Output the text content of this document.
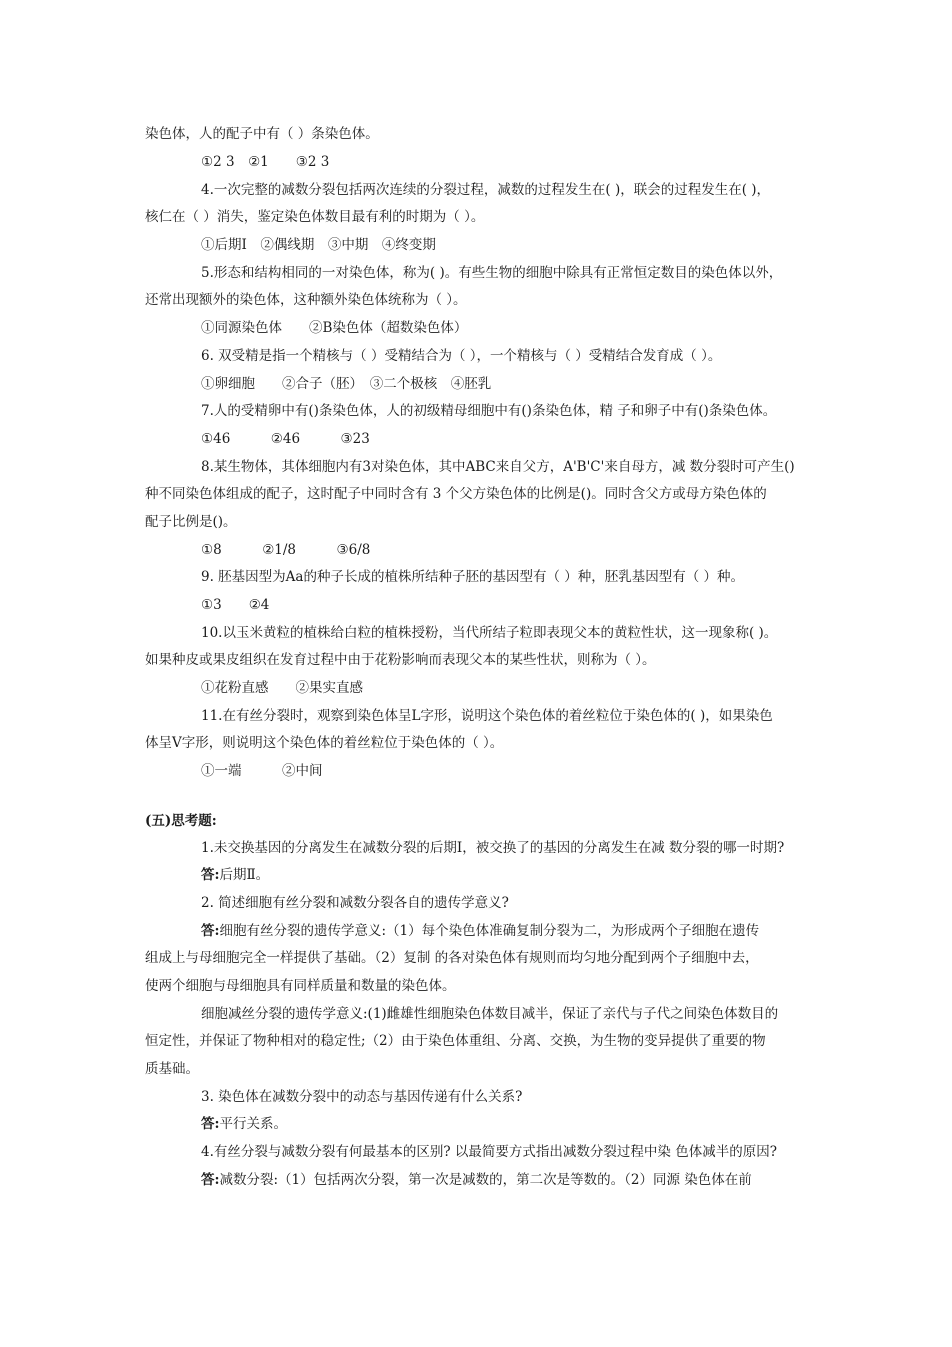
染色体，人的配子中有（ ）条染色体。
①2 3　②1　　③2 3
4.一次完整的减数分裂包括两次连续的分裂过程，减数的过程发生在( )，联会的过程发生在( )，
核仁在（ ）消失，鉴定染色体数目最有利的时期为（ ）。
①后期Ⅰ　②偶线期　③中期　④终变期
5.形态和结构相同的一对染色体，称为( )。有些生物的细胞中除具有正常恒定数目的染色体以外，
还常出现额外的染色体，这种额外染色体统称为（ ）。
①同源染色体　　②B染色体（超数染色体）
6. 双受精是指一个精核与（ ）受精结合为（ ），一个精核与（ ）受精结合发育成（ ）。
①卵细胞　　②合子（胚）　③二个极核　④胚乳
7.人的受精卵中有()条染色体，人的初级精母细胞中有()条染色体，精 子和卵子中有()条染色体。
①46　　　②46　　　③23
8.某生物体，其体细胞内有3对染色体，其中ABC来自父方，A'B'C'来自母方，减 数分裂时可产生()
种不同染色体组成的配子，这时配子中同时含有 3 个父方染色体的比例是()。同时含父方或母方染色体的
配子比例是()。
①8　　　②1/8　　　③6/8
9. 胚基因型为Aa的种子长成的植株所结种子胚的基因型有（ ）种，胚乳基因型有（ ）种。
①3　　②4
10.以玉米黄粒的植株给白粒的植株授粉，当代所结子粒即表现父本的黄粒性状，这一现象称( )。
如果种皮或果皮组织在发育过程中由于花粉影响而表现父本的某些性状，则称为（ ）。
①花粉直感　　②果实直感
11.在有丝分裂时，观察到染色体呈L字形，说明这个染色体的着丝粒位于染色体的( )，如果染色
体呈V字形，则说明这个染色体的着丝粒位于染色体的（ ）。
①一端　　　②中间
(五)思考题:
1.未交换基因的分离发生在减数分裂的后期Ⅰ，被交换了的基因的分离发生在减 数分裂的哪一时期?
答:后期Ⅱ。
2. 简述细胞有丝分裂和减数分裂各自的遗传学意义?
答:细胞有丝分裂的遗传学意义:（1）每个染色体准确复制分裂为二，为形成两个子细胞在遗传
组成上与母细胞完全一样提供了基础。（2）复制 的各对染色体有规则而均匀地分配到两个子细胞中去，
使两个细胞与母细胞具有同样质量和数量的染色体。
细胞减丝分裂的遗传学意义:(1)雌雄性细胞染色体数目减半，保证了亲代与子代之间染色体数目的
恒定性，并保证了物种相对的稳定性;（2）由于染色体重组、分离、交换，为生物的变异提供了重要的物
质基础。
3. 染色体在减数分裂中的动态与基因传递有什么关系?
答:平行关系。
4.有丝分裂与减数分裂有何最基本的区别? 以最简要方式指出减数分裂过程中染 色体减半的原因?
答:减数分裂:（1）包括两次分裂，第一次是减数的，第二次是等数的。（2）同源 染色体在前
